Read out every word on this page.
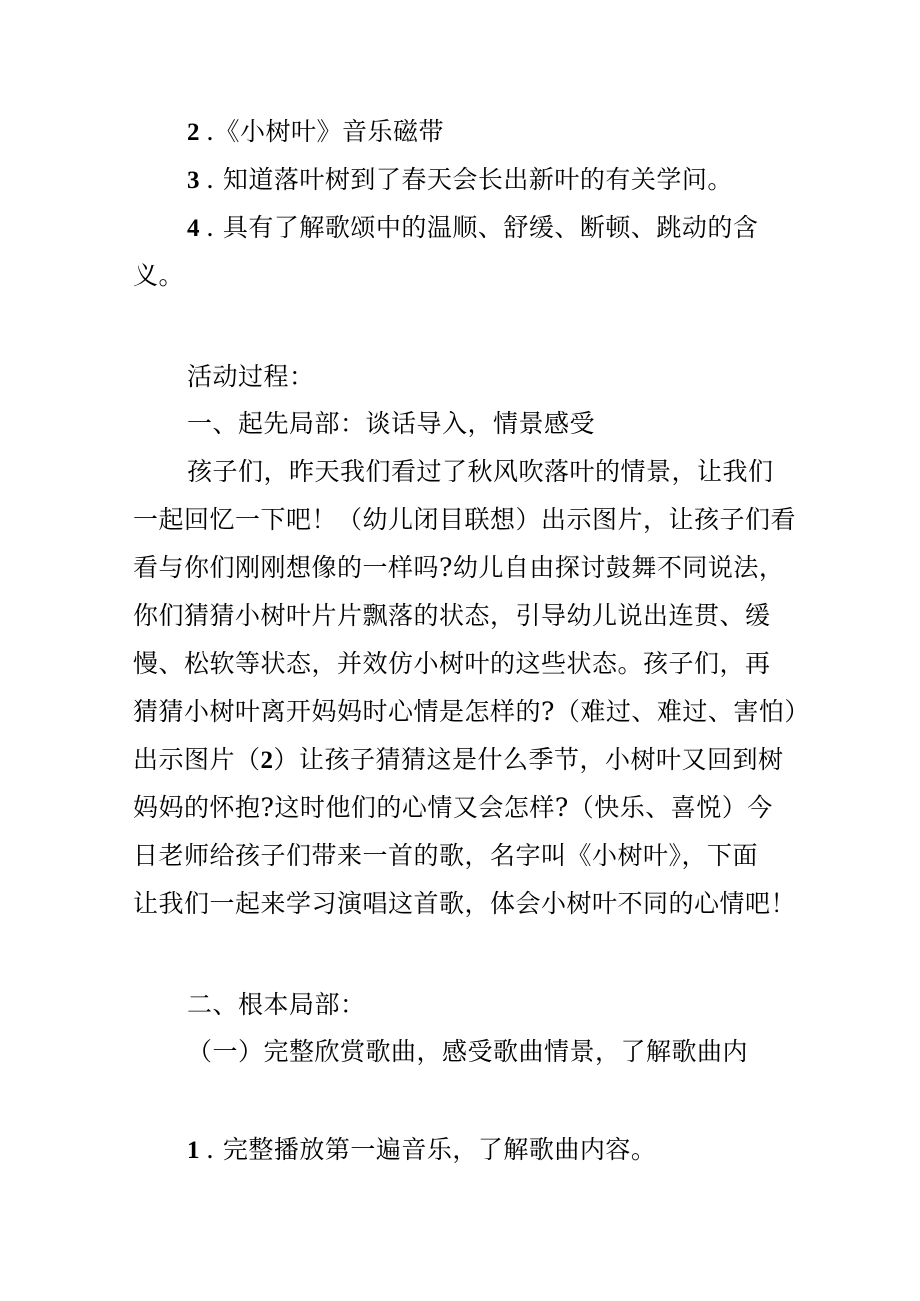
2 .《小树叶》音乐磁带
3 . 知道落叶树到了春天会长出新叶的有关学问。
4 . 具有了解歌颂中的温顺、舒缓、断顿、跳动的含
义。
活动过程：
一、起先局部：谈话导入，情景感受
孩子们，昨天我们看过了秋风吹落叶的情景，让我们
一起回忆一下吧！（幼儿闭目联想）出示图片，让孩子们看
看与你们刚刚想像的一样吗?幼儿自由探讨鼓舞不同说法，
你们猜猜小树叶片片飘落的状态，引导幼儿说出连贯、缓
慢、松软等状态，并效仿小树叶的这些状态。孩子们，再
猜猜小树叶离开妈妈时心情是怎样的?（难过、难过、害怕）
出示图片（2）让孩子猜猜这是什么季节，小树叶又回到树
妈妈的怀抱?这时他们的心情又会怎样?（快乐、喜悦）今
日老师给孩子们带来一首的歌，名字叫《小树叶》，下面
让我们一起来学习演唱这首歌，体会小树叶不同的心情吧！
二、根本局部：
（一）完整欣赏歌曲，感受歌曲情景，了解歌曲内
1 . 完整播放第一遍音乐，了解歌曲内容。
